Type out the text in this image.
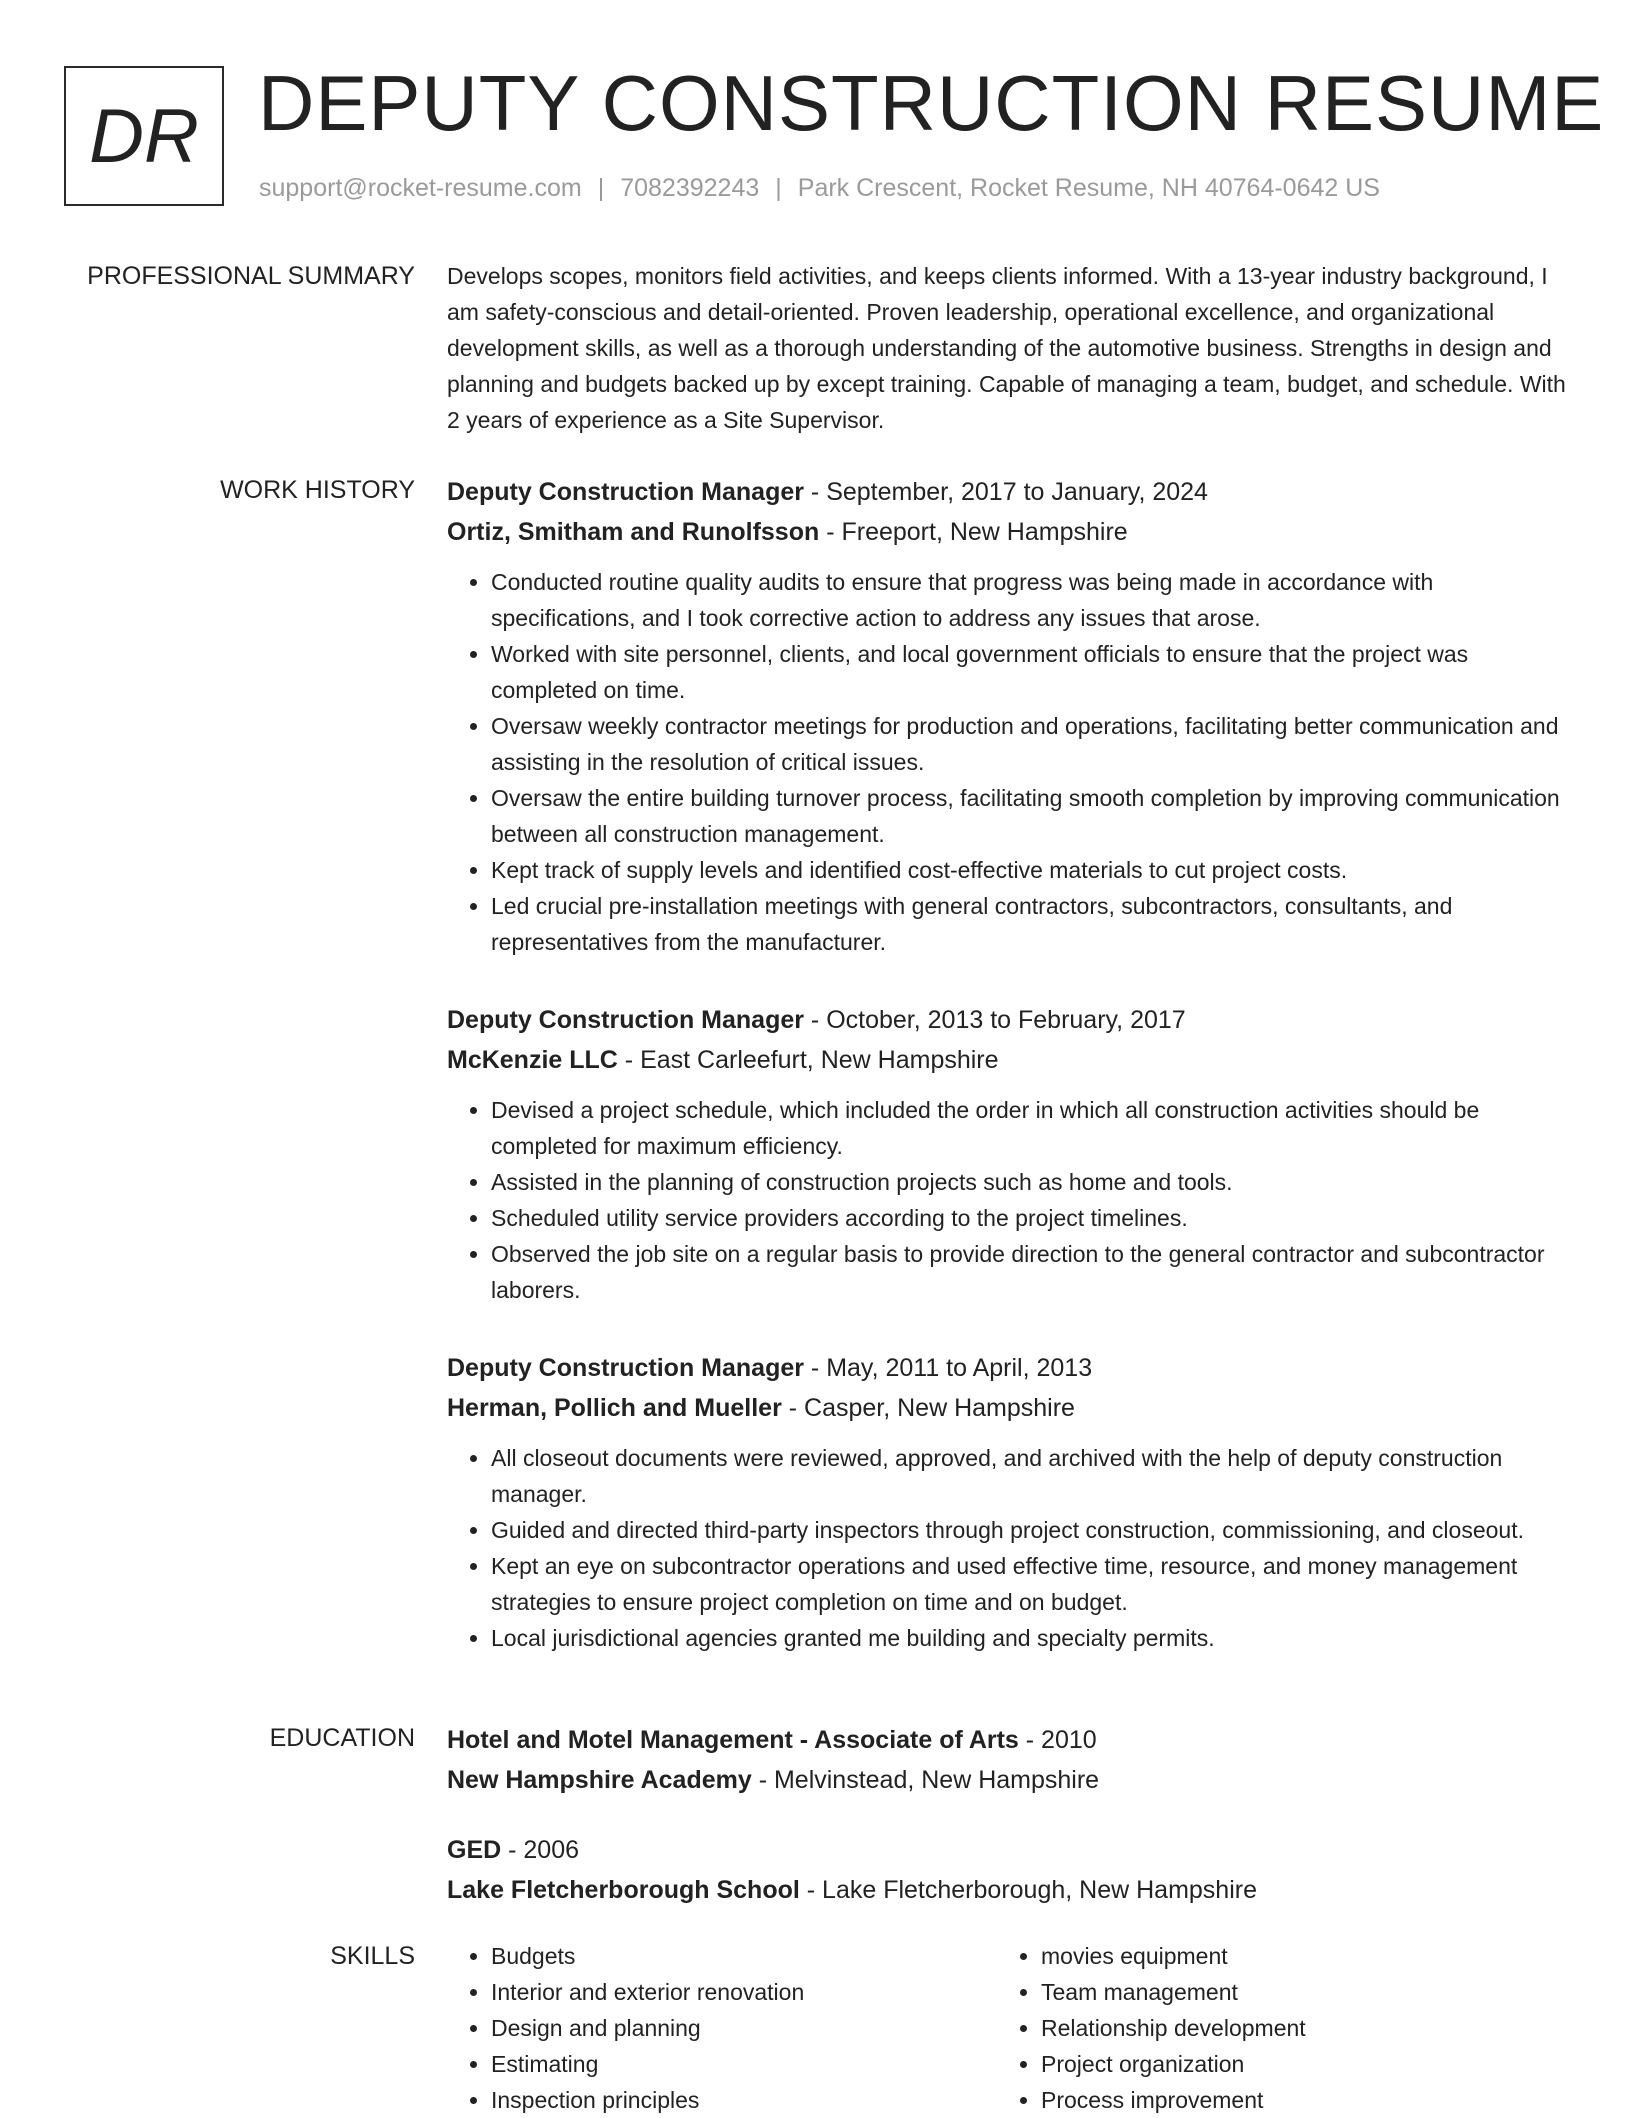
DR DEPUTY CONSTRUCTION RESUME
support@rocket-resume.com | 7082392243 | Park Crescent, Rocket Resume, NH 40764-0642 US
PROFESSIONAL SUMMARY Develops scopes, monitors field activities, and keeps clients informed. With a 13-year industry background, I am safety-conscious and detail-oriented. Proven leadership, operational excellence, and organizational development skills, as well as a thorough understanding of the automotive business. Strengths in design and planning and budgets backed up by except training. Capable of managing a team, budget, and schedule. With 2 years of experience as a Site Supervisor.

WORK HISTORY Deputy Construction Manager - September, 2017 to January, 2024
Ortiz, Smitham and Runolfsson - Freeport, New Hampshire
• Conducted routine quality audits to ensure that progress was being made in accordance with specifications, and I took corrective action to address any issues that arose.
• Worked with site personnel, clients, and local government officials to ensure that the project was completed on time.
• Oversaw weekly contractor meetings for production and operations, facilitating better communication and assisting in the resolution of critical issues.
• Oversaw the entire building turnover process, facilitating smooth completion by improving communication between all construction management.
• Kept track of supply levels and identified cost-effective materials to cut project costs.
• Led crucial pre-installation meetings with general contractors, subcontractors, consultants, and representatives from the manufacturer.
Deputy Construction Manager - October, 2013 to February, 2017
McKenzie LLC - East Carleefurt, New Hampshire
• Devised a project schedule, which included the order in which all construction activities should be completed for maximum efficiency.
• Assisted in the planning of construction projects such as home and tools.
• Scheduled utility service providers according to the project timelines.
• Observed the job site on a regular basis to provide direction to the general contractor and subcontractor laborers.
Deputy Construction Manager - May, 2011 to April, 2013
Herman, Pollich and Mueller - Casper, New Hampshire
• All closeout documents were reviewed, approved, and archived with the help of deputy construction manager.
• Guided and directed third-party inspectors through project construction, commissioning, and closeout.
• Kept an eye on subcontractor operations and used effective time, resource, and money management strategies to ensure project completion on time and on budget.
• Local jurisdictional agencies granted me building and specialty permits.
EDUCATION Hotel and Motel Management - Associate of Arts - 2010
New Hampshire Academy - Melvinstead, New Hampshire
GED - 2006
Lake Fletcherborough School - Lake Fletcherborough, New Hampshire
SKILLS
•	Budgets
• Interior and exterior renovation
• Design and planning
• Estimating
• Inspection principles
• movies equipment
• Team management
• Relationship development
• Project organization
• Process improvement
